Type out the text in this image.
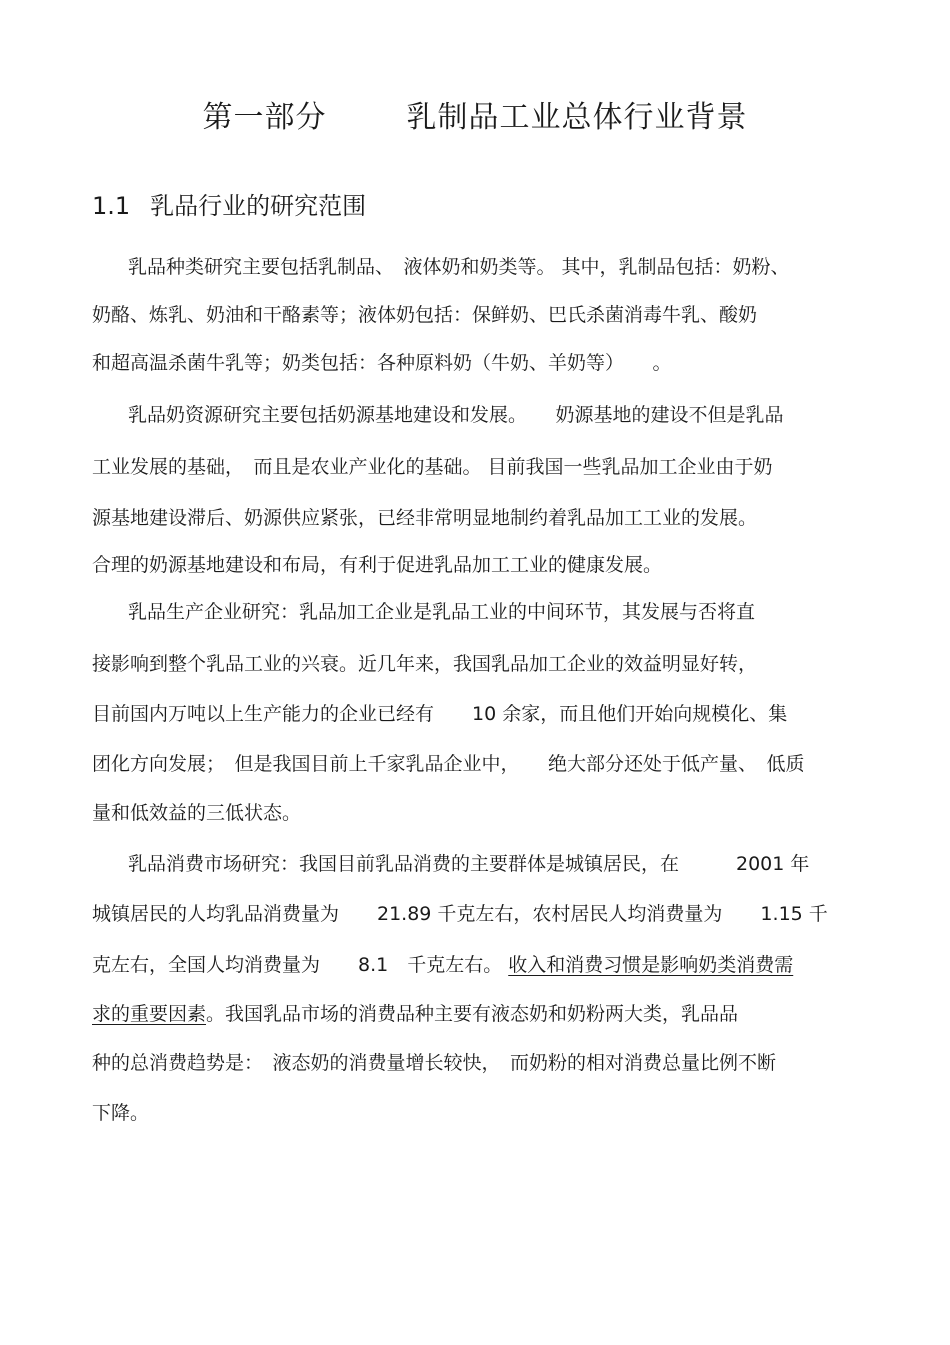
第一部分	乳制品工业总体行业背景
1.1 乳品行业的研究范围
乳品种类研究主要包括乳制品、　液体奶和奶类等。 其中，乳制品包括：奶粉、
奶酪、炼乳、奶油和干酪素等；液体奶包括：保鲜奶、巴氏杀菌消毒牛乳、酸奶
和超高温杀菌牛乳等；奶类包括：各种原料奶（牛奶、羊奶等）　　。
乳品奶资源研究主要包括奶源基地建设和发展。　　奶源基地的建设不但是乳品
工业发展的基础，　而且是农业产业化的基础。 目前我国一些乳品加工企业由于奶
源基地建设滞后、奶源供应紧张，已经非常明显地制约着乳品加工工业的发展。
合理的奶源基地建设和布局，有利于促进乳品加工工业的健康发展。
乳品生产企业研究：乳品加工企业是乳品工业的中间环节，其发展与否将直
接影响到整个乳品工业的兴衰。近几年来，我国乳品加工企业的效益明显好转，
目前国内万吨以上生产能力的企业已经有　　10 余家，而且他们开始向规模化、集
团化方向发展；　但是我国目前上千家乳品企业中，　　绝大部分还处于低产量、　低质
量和低效益的三低状态。
乳品消费市场研究：我国目前乳品消费的主要群体是城镇居民，在　　　2001 年
城镇居民的人均乳品消费量为　　21.89 千克左右，农村居民人均消费量为　　1.15 千
克左右，全国人均消费量为　　8.1　千克左右。 收入和消费习惯是影响奶类消费需
求的重要因素。我国乳品市场的消费品种主要有液态奶和奶粉两大类，乳品品
种的总消费趋势是：　液态奶的消费量增长较快，　而奶粉的相对消费总量比例不断
下降。
